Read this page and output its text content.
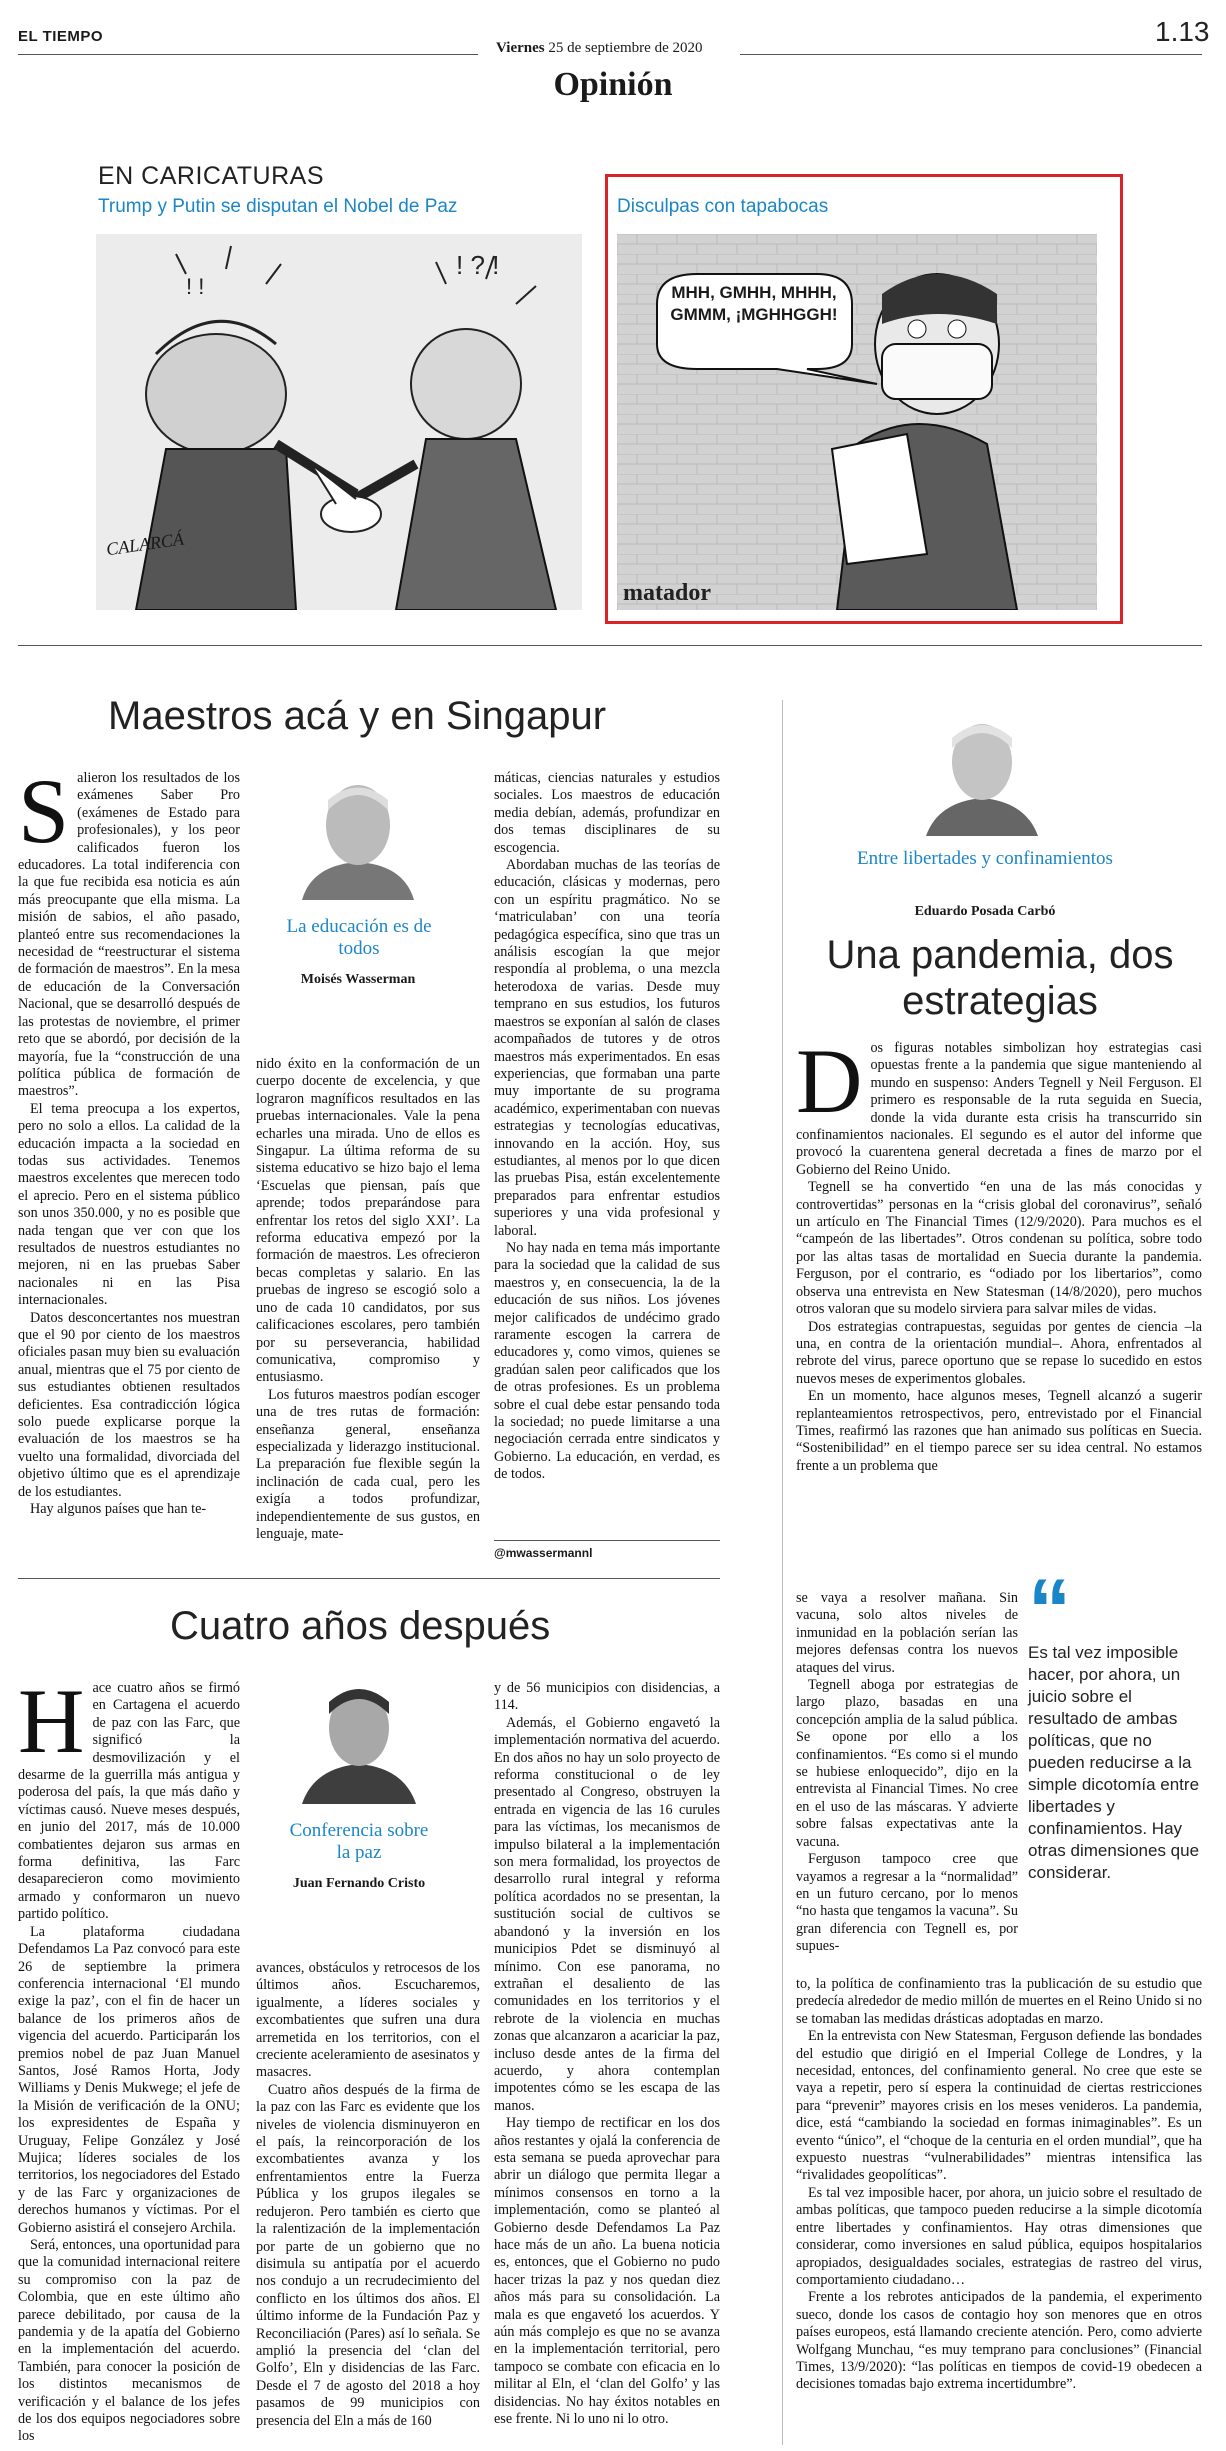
EL TIEMPO
Viernes 25 de septiembre de 2020
1.13
Opinión
EN CARICATURAS
Trump y Putin se disputan el Nobel de Paz
! ? !
! !
CALARCÁ
Disculpas con tapabocas
MHH, GMHH, MHHH, GMMM, ¡MGHHGGH!
matador
Maestros acá y en Singapur
La educación es de todos
Moisés Wasserman
S alieron los resultados de los exámenes Saber Pro (exámenes de Estado para profesionales), y los peor calificados fueron los educadores. La total indiferencia con la que fue recibida esa noticia es aún más preocupante que ella misma. La misión de sabios, el año pasado, planteó entre sus recomendaciones la necesidad de “reestructurar el sistema de formación de maestros”. En la mesa de educación de la Conversación Nacional, que se desarrolló después de las protestas de noviembre, el primer reto que se abordó, por decisión de la mayoría, fue la “construcción de una política pública de formación de maestros”.

El tema preocupa a los expertos, pero no solo a ellos. La calidad de la educación impacta a la sociedad en todas sus actividades. Tenemos maestros excelentes que merecen todo el aprecio. Pero en el sistema público son unos 350.000, y no es posible que nada tengan que ver con que los resultados de nuestros estudiantes no mejoren, ni en las pruebas Saber nacionales ni en las Pisa internacionales.

Datos desconcertantes nos muestran que el 90 por ciento de los maestros oficiales pasan muy bien su evaluación anual, mientras que el 75 por ciento de sus estudiantes obtienen resultados deficientes. Esa contradicción lógica solo puede explicarse porque la evaluación de los maestros se ha vuelto una formalidad, divorciada del objetivo último que es el aprendizaje de los estudiantes.

Hay algunos países que han te-

nido éxito en la conformación de un cuerpo docente de excelencia, y que lograron magníficos resultados en las pruebas internacionales. Vale la pena echarles una mirada. Uno de ellos es Singapur. La última reforma de su sistema educativo se hizo bajo el lema ‘Escuelas que piensan, país que aprende; todos preparándose para enfrentar los retos del siglo XXI’. La reforma educativa empezó por la formación de maestros. Les ofrecieron becas completas y salario. En las pruebas de ingreso se escogió solo a uno de cada 10 candidatos, por sus calificaciones escolares, pero también por su perseverancia, habilidad comunicativa, compromiso y entusiasmo.

Los futuros maestros podían escoger una de tres rutas de formación: enseñanza general, enseñanza especializada y liderazgo institucional. La preparación fue flexible según la inclinación de cada cual, pero les exigía a todos profundizar, independientemente de sus gustos, en lenguaje, mate-

máticas, ciencias naturales y estudios sociales. Los maestros de educación media debían, además, profundizar en dos temas disciplinares de su escogencia.

Abordaban muchas de las teorías de educación, clásicas y modernas, pero con un espíritu pragmático. No se ‘matriculaban’ con una teoría pedagógica específica, sino que tras un análisis escogían la que mejor respondía al problema, o una mezcla heterodoxa de varias. Desde muy temprano en sus estudios, los futuros maestros se exponían al salón de clases acompañados de tutores y de otros maestros más experimentados. En esas experiencias, que formaban una parte muy importante de su programa académico, experimentaban con nuevas estrategias y tecnologías educativas, innovando en la acción. Hoy, sus estudiantes, al menos por lo que dicen las pruebas Pisa, están excelentemente preparados para enfrentar estudios superiores y una vida profesional y laboral.

No hay nada en tema más importante para la sociedad que la calidad de sus maestros y, en consecuencia, la de la educación de sus niños. Los jóvenes mejor calificados de undécimo grado raramente escogen la carrera de educadores y, como vimos, quienes se gradúan salen peor calificados que los de otras profesiones. Es un problema sobre el cual debe estar pensando toda la sociedad; no puede limitarse a una negociación cerrada entre sindicatos y Gobierno. La educación, en verdad, es de todos.

@mwassermannl
Entre libertades y confinamientos
Eduardo Posada Carbó
Una pandemia, dos estrategias
D os figuras notables simbolizan hoy estrategias casi opuestas frente a la pandemia que sigue manteniendo al mundo en suspenso: Anders Tegnell y Neil Ferguson. El primero es responsable de la ruta seguida en Suecia, donde la vida durante esta crisis ha transcurrido sin confinamientos nacionales. El segundo es el autor del informe que provocó la cuarentena general decretada a fines de marzo por el Gobierno del Reino Unido.

Tegnell se ha convertido “en una de las más conocidas y controvertidas” personas en la “crisis global del coronavirus”, señaló un artículo en The Financial Times (12/9/2020). Para muchos es el “campeón de las libertades”. Otros condenan su política, sobre todo por las altas tasas de mortalidad en Suecia durante la pandemia. Ferguson, por el contrario, es “odiado por los libertarios”, como observa una entrevista en New Statesman (14/8/2020), pero muchos otros valoran que su modelo sirviera para salvar miles de vidas.

Dos estrategias contrapuestas, seguidas por gentes de ciencia –la una, en contra de la orientación mundial–. Ahora, enfrentados al rebrote del virus, parece oportuno que se repase lo sucedido en estos nuevos meses de experimentos globales.

En un momento, hace algunos meses, Tegnell alcanzó a sugerir replanteamientos retrospectivos, pero, entrevistado por el Financial Times, reafirmó las razones que han animado sus políticas en Suecia. “Sostenibilidad” en el tiempo parece ser su idea central. No estamos frente a un problema que

se vaya a resolver mañana. Sin vacuna, solo altos niveles de inmunidad en la población serían las mejores defensas contra los nuevos ataques del virus.

Tegnell aboga por estrategias de largo plazo, basadas en una concepción amplia de la salud pública. Se opone por ello a los confinamientos. “Es como si el mundo se hubiese enloquecido”, dijo en la entrevista al Financial Times. No cree en el uso de las máscaras. Y advierte sobre falsas expectativas ante la vacuna.

Ferguson tampoco cree que vayamos a regresar a la “normalidad” en un futuro cercano, por lo menos “no hasta que tengamos la vacuna”. Su gran diferencia con Tegnell es, por supues-

“
Es tal vez imposible hacer, por ahora, un juicio sobre el resultado de ambas políticas, que no pueden reducirse a la simple dicotomía entre libertades y confinamientos. Hay otras dimensiones que considerar.

to, la política de confinamiento tras la publicación de su estudio que predecía alrededor de medio millón de muertes en el Reino Unido si no se tomaban las medidas drásticas adoptadas en marzo.

En la entrevista con New Statesman, Ferguson defiende las bondades del estudio que dirigió en el Imperial College de Londres, y la necesidad, entonces, del confinamiento general. No cree que este se vaya a repetir, pero sí espera la continuidad de ciertas restricciones para “prevenir” mayores crisis en los meses venideros. La pandemia, dice, está “cambiando la sociedad en formas inimaginables”. Es un evento “único”, el “choque de la centuria en el orden mundial”, que ha expuesto nuestras “vulnerabilidades” mientras intensifica las “rivalidades geopolíticas”.

Es tal vez imposible hacer, por ahora, un juicio sobre el resultado de ambas políticas, que tampoco pueden reducirse a la simple dicotomía entre libertades y confinamientos. Hay otras dimensiones que considerar, como inversiones en salud pública, equipos hospitalarios apropiados, desigualdades sociales, estrategias de rastreo del virus, comportamiento ciudadano…

Frente a los rebrotes anticipados de la pandemia, el experimento sueco, donde los casos de contagio hoy son menores que en otros países europeos, está llamando creciente atención. Pero, como advierte Wolfgang Munchau, “es muy temprano para conclusiones” (Financial Times, 13/9/2020): “las políticas en tiempos de covid-19 obedecen a decisiones tomadas bajo extrema incertidumbre”.

Cuatro años después
Conferencia sobre la paz
Juan Fernando Cristo
H ace cuatro años se firmó en Cartagena el acuerdo de paz con las Farc, que significó la desmovilización y el desarme de la guerrilla más antigua y poderosa del país, la que más daño y víctimas causó. Nueve meses después, en junio del 2017, más de 10.000 combatientes dejaron sus armas en forma definitiva, las Farc desaparecieron como movimiento armado y conformaron un nuevo partido político.

La plataforma ciudadana Defendamos La Paz convocó para este 26 de septiembre la primera conferencia internacional ‘El mundo exige la paz’, con el fin de hacer un balance de los primeros años de vigencia del acuerdo. Participarán los premios nobel de paz Juan Manuel Santos, José Ramos Horta, Jody Williams y Denis Mukwege; el jefe de la Misión de verificación de la ONU; los expresidentes de España y Uruguay, Felipe González y José Mujica; líderes sociales de los territorios, los negociadores del Estado y de las Farc y organizaciones de derechos humanos y víctimas. Por el Gobierno asistirá el consejero Archila.

Será, entonces, una oportunidad para que la comunidad internacional reitere su compromiso con la paz de Colombia, que en este último año parece debilitado, por causa de la pandemia y de la apatía del Gobierno en la implementación del acuerdo. También, para conocer la posición de los distintos mecanismos de verificación y el balance de los jefes de los dos equipos negociadores sobre los

avances, obstáculos y retrocesos de los últimos años. Escucharemos, igualmente, a líderes sociales y excombatientes que sufren una dura arremetida en los territorios, con el creciente aceleramiento de asesinatos y masacres.

Cuatro años después de la firma de la paz con las Farc es evidente que los niveles de violencia disminuyeron en el país, la reincorporación de los excombatientes avanza y los enfrentamientos entre la Fuerza Pública y los grupos ilegales se redujeron. Pero también es cierto que la ralentización de la implementación por parte de un gobierno que no disimula su antipatía por el acuerdo nos condujo a un recrudecimiento del conflicto en los últimos dos años. El último informe de la Fundación Paz y Reconciliación (Pares) así lo señala. Se amplió la presencia del ‘clan del Golfo’, Eln y disidencias de las Farc. Desde el 7 de agosto del 2018 a hoy pasamos de 99 municipios con presencia del Eln a más de 160

y de 56 municipios con disidencias, a 114.

Además, el Gobierno engavetó la implementación normativa del acuerdo. En dos años no hay un solo proyecto de reforma constitucional o de ley presentado al Congreso, obstruyen la entrada en vigencia de las 16 curules para las víctimas, los mecanismos de impulso bilateral a la implementación son mera formalidad, los proyectos de desarrollo rural integral y reforma política acordados no se presentan, la sustitución social de cultivos se abandonó y la inversión en los municipios Pdet se disminuyó al mínimo. Con ese panorama, no extrañan el desaliento de las comunidades en los territorios y el rebrote de la violencia en muchas zonas que alcanzaron a acariciar la paz, incluso desde antes de la firma del acuerdo, y ahora contemplan impotentes cómo se les escapa de las manos.

Hay tiempo de rectificar en los dos años restantes y ojalá la conferencia de esta semana se pueda aprovechar para abrir un diálogo que permita llegar a mínimos consensos en torno a la implementación, como se planteó al Gobierno desde Defendamos La Paz hace más de un año. La buena noticia es, entonces, que el Gobierno no pudo hacer trizas la paz y nos quedan diez años más para su consolidación. La mala es que engavetó los acuerdos. Y aún más complejo es que no se avanza en la implementación territorial, pero tampoco se combate con eficacia en lo militar al Eln, el ‘clan del Golfo’ y las disidencias. No hay éxitos notables en ese frente. Ni lo uno ni lo otro.
